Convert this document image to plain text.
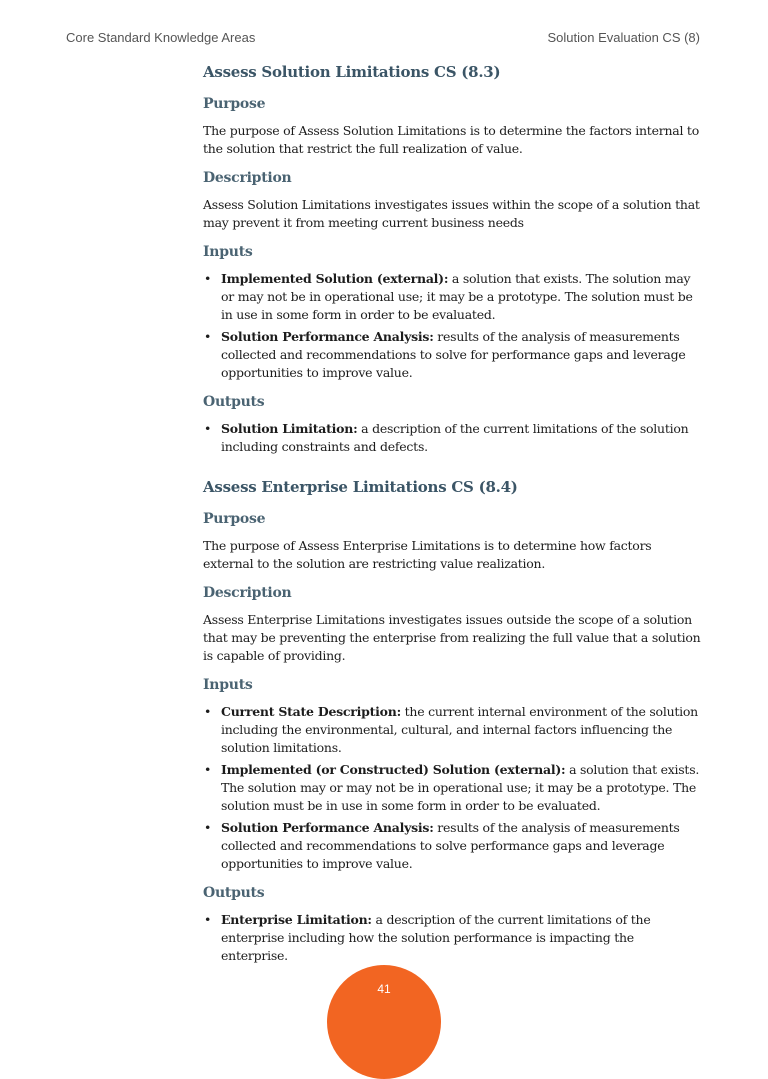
Core Standard Knowledge Areas	Solution Evaluation CS (8)
Assess Solution Limitations CS (8.3)
Purpose

The purpose of Assess Solution Limitations is to determine the factors internal to the solution that restrict the full realization of value.

Description

Assess Solution Limitations investigates issues within the scope of a solution that may prevent it from meeting current business needs

Inputs
• Implemented Solution (external): a solution that exists. The solution may or may not be in operational use; it may be a prototype. The solution must be in use in some form in order to be evaluated.
• Solution Performance Analysis: results of the analysis of measurements collected and recommendations to solve for performance gaps and leverage opportunities to improve value.
Outputs
• Solution Limitation: a description of the current limitations of the solution including constraints and defects.
Assess Enterprise Limitations CS (8.4)
Purpose

The purpose of Assess Enterprise Limitations is to determine how factors external to the solution are restricting value realization.

Description

Assess Enterprise Limitations investigates issues outside the scope of a solution that may be preventing the enterprise from realizing the full value that a solution is capable of providing.

Inputs
• Current State Description: the current internal environment of the solution including the environmental, cultural, and internal factors influencing the solution limitations.
• Implemented (or Constructed) Solution (external): a solution that exists. The solution may or may not be in operational use; it may be a prototype. The solution must be in use in some form in order to be evaluated.
• Solution Performance Analysis: results of the analysis of measurements collected and recommendations to solve performance gaps and leverage opportunities to improve value.
Outputs
• Enterprise Limitation: a description of the current limitations of the enterprise including how the solution performance is impacting the enterprise.
41
